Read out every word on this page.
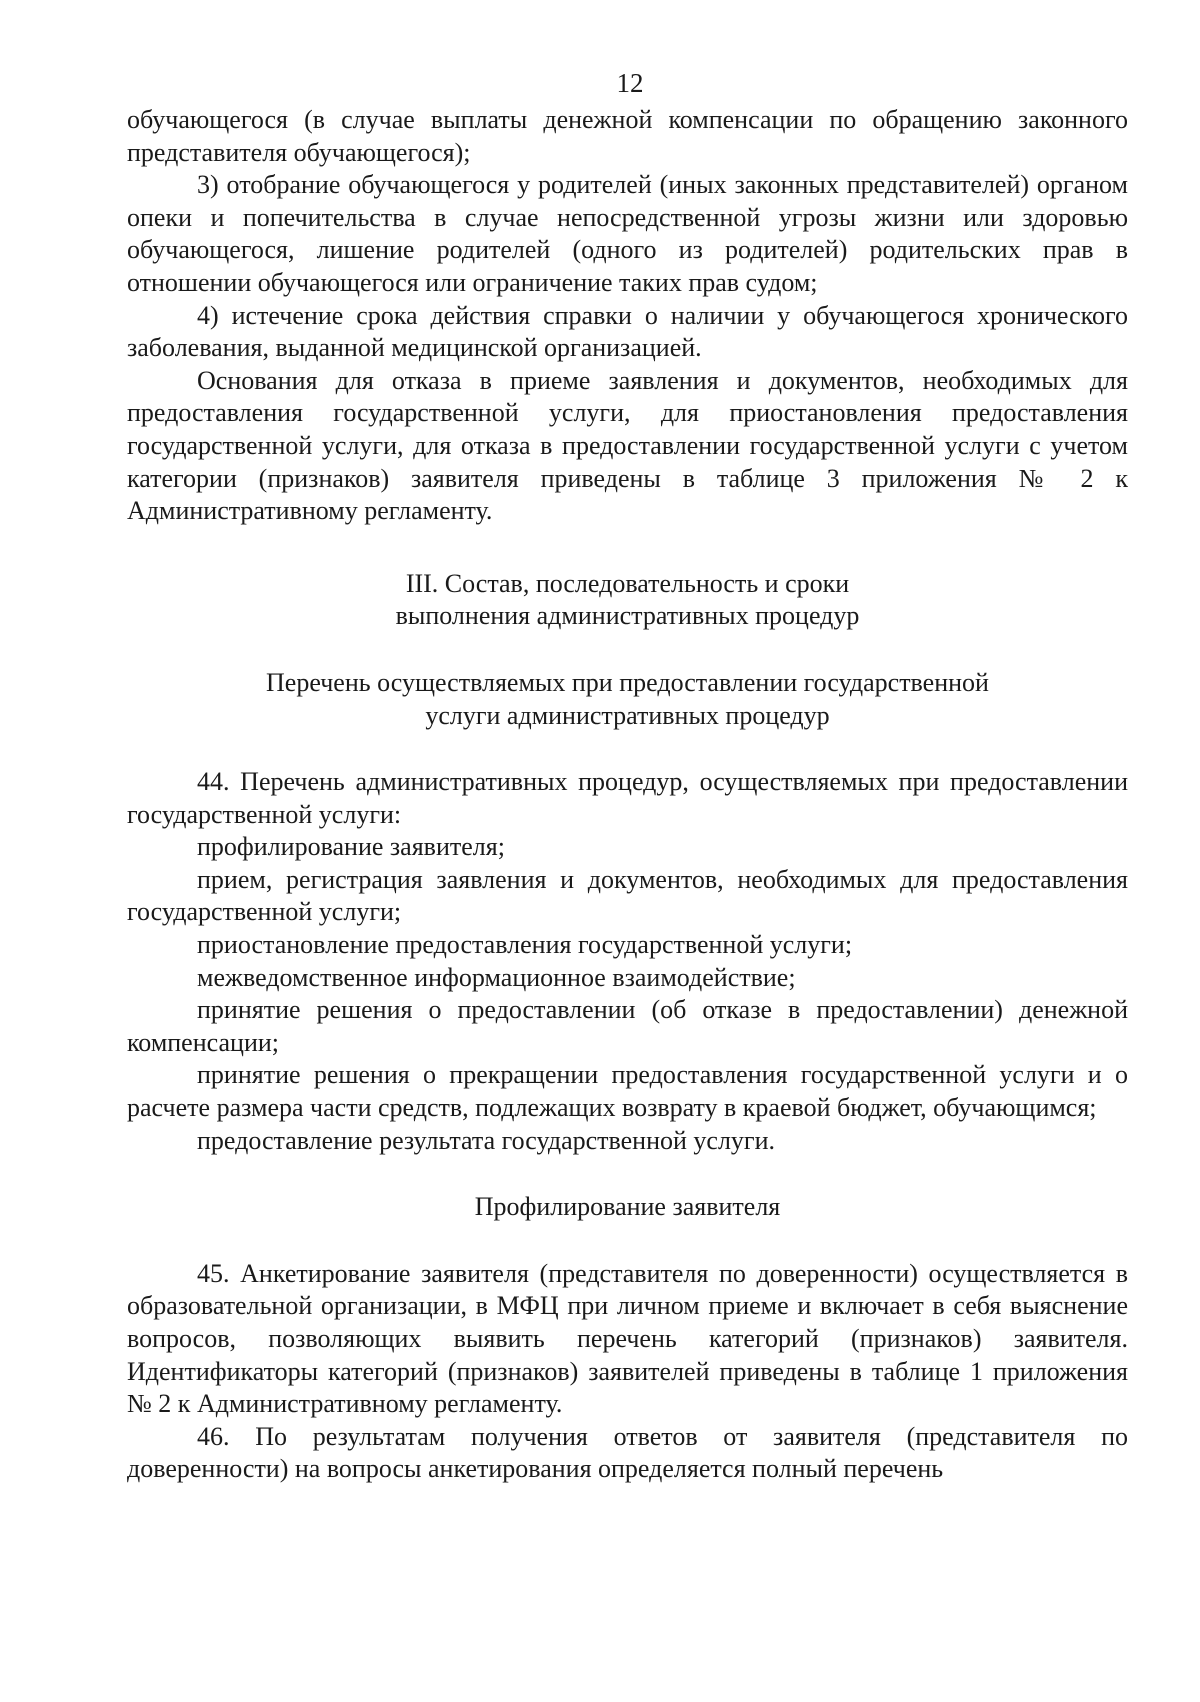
12

обучающегося (в случае выплаты денежной компенсации по обращению законного представителя обучающегося);

3) отобрание обучающегося у родителей (иных законных представителей) органом опеки и попечительства в случае непосредственной угрозы жизни или здоровью обучающегося, лишение родителей (одного из родителей) родительских прав в отношении обучающегося или ограничение таких прав судом;

4) истечение срока действия справки о наличии у обучающегося хронического заболевания, выданной медицинской организацией.

Основания для отказа в приеме заявления и документов, необходимых для предоставления государственной услуги, для приостановления предоставления государственной услуги, для отказа в предоставлении государственной услуги с учетом категории (признаков) заявителя приведены в таблице 3 приложения № 2 к Административному регламенту.

III. Состав, последовательность и сроки
выполнения административных процедур
Перечень осуществляемых при предоставлении государственной
услуги административных процедур

44. Перечень административных процедур, осуществляемых при предоставлении государственной услуги:

профилирование заявителя;

прием, регистрация заявления и документов, необходимых для предоставления государственной услуги;

приостановление предоставления государственной услуги;

межведомственное информационное взаимодействие;

принятие решения о предоставлении (об отказе в предоставлении) денежной компенсации;

принятие решения о прекращении предоставления государственной услуги и о расчете размера части средств, подлежащих возврату в краевой бюджет, обучающимся;

предоставление результата государственной услуги.

Профилирование заявителя

45. Анкетирование заявителя (представителя по доверенности) осуществляется в образовательной организации, в МФЦ при личном приеме и включает в себя выяснение вопросов, позволяющих выявить перечень категорий (признаков) заявителя. Идентификаторы категорий (признаков) заявителей приведены в таблице 1 приложения № 2 к Административному регламенту.

46. По результатам получения ответов от заявителя (представителя по доверенности) на вопросы анкетирования определяется полный перечень
